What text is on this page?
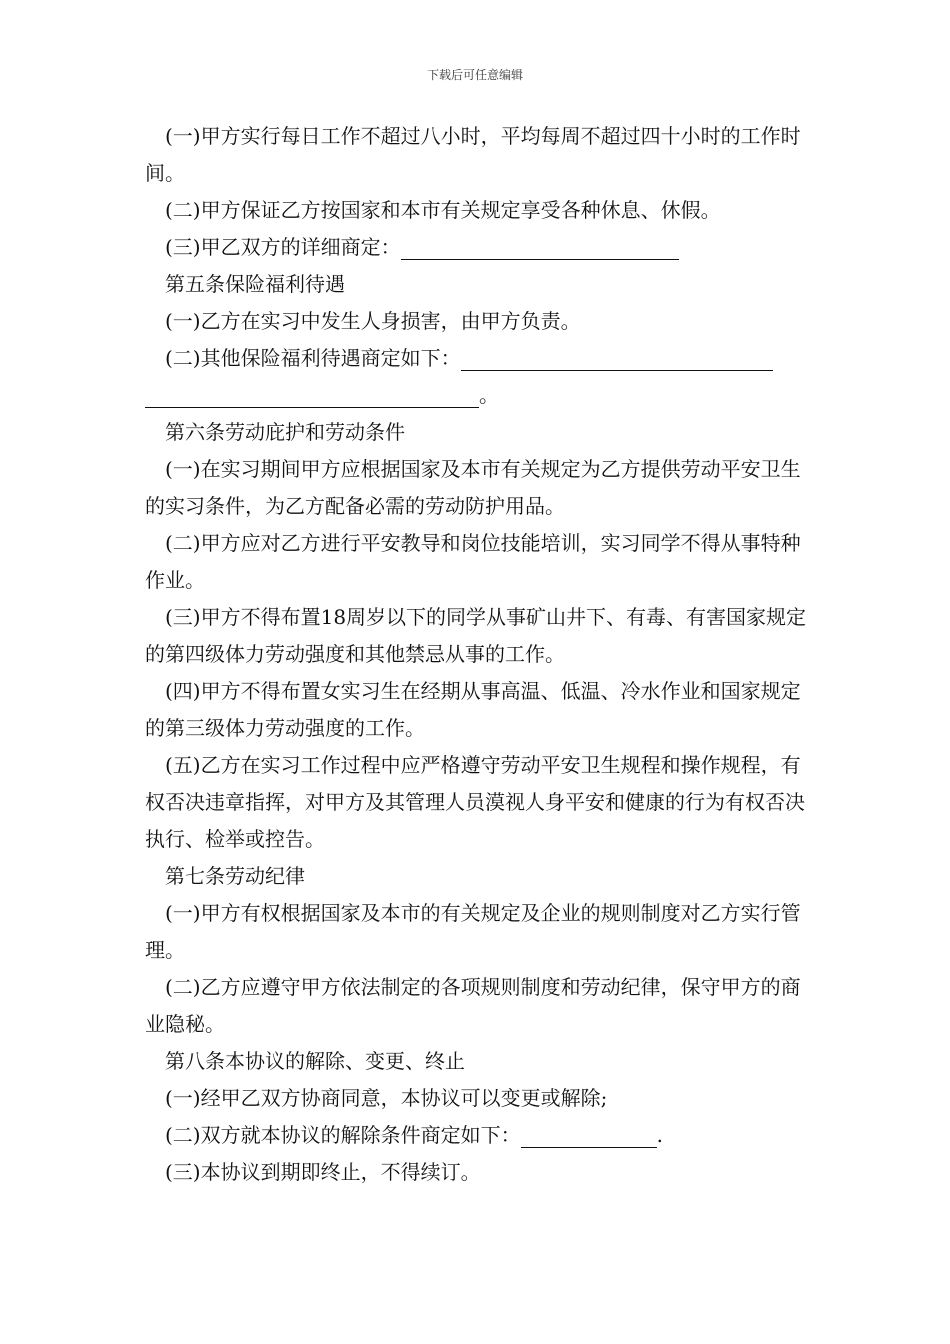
下载后可任意编辑

(一)甲方实行每日工作不超过八小时，平均每周不超过四十小时的工作时间。

(二)甲方保证乙方按国家和本市有关规定享受各种休息、休假。

(三)甲乙双方的详细商定：

第五条保险福利待遇

(一)乙方在实习中发生人身损害，由甲方负责。

(二)其他保险福利待遇商定如下：

。

第六条劳动庇护和劳动条件

(一)在实习期间甲方应根据国家及本市有关规定为乙方提供劳动平安卫生的实习条件，为乙方配备必需的劳动防护用品。

(二)甲方应对乙方进行平安教导和岗位技能培训，实习同学不得从事特种作业。

(三)甲方不得布置18周岁以下的同学从事矿山井下、有毒、有害国家规定的第四级体力劳动强度和其他禁忌从事的工作。

(四)甲方不得布置女实习生在经期从事高温、低温、冷水作业和国家规定的第三级体力劳动强度的工作。

(五)乙方在实习工作过程中应严格遵守劳动平安卫生规程和操作规程，有权否决违章指挥，对甲方及其管理人员漠视人身平安和健康的行为有权否决执行、检举或控告。

第七条劳动纪律

(一)甲方有权根据国家及本市的有关规定及企业的规则制度对乙方实行管理。

(二)乙方应遵守甲方依法制定的各项规则制度和劳动纪律，保守甲方的商业隐秘。

第八条本协议的解除、变更、终止

(一)经甲乙双方协商同意，本协议可以变更或解除;

(二)双方就本协议的解除条件商定如下：	.

(三)本协议到期即终止，不得续订。
